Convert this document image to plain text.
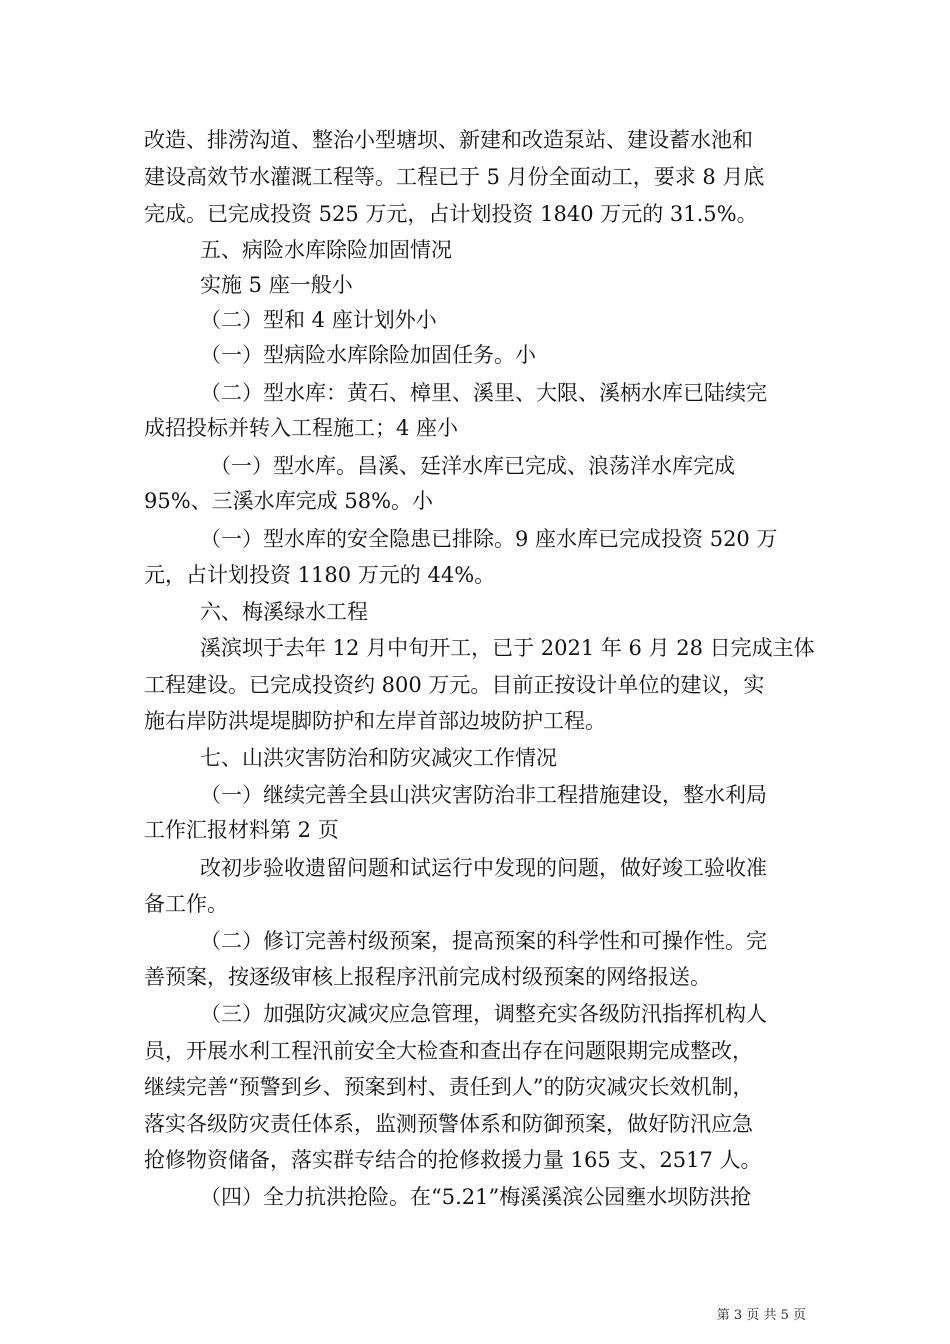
改造、排涝沟道、整治小型塘坝、新建和改造泵站、建设蓄水池和
建设高效节水灌溉工程等。工程已于 5 月份全面动工，要求 8 月底
完成。已完成投资 525 万元，占计划投资 1840 万元的 31.5%。
五、病险水库除险加固情况
实施 5 座一般小
（二）型和 4 座计划外小
（一）型病险水库除险加固任务。小
（二）型水库：黄石、樟里、溪里、大限、溪柄水库已陆续完
成招投标并转入工程施工；4 座小
（一）型水库。昌溪、廷洋水库已完成、浪荡洋水库完成
95%、三溪水库完成 58%。小
（一）型水库的安全隐患已排除。9 座水库已完成投资 520 万
元，占计划投资 1180 万元的 44%。
六、梅溪绿水工程
溪滨坝于去年 12 月中旬开工，已于 2021 年 6 月 28 日完成主体
工程建设。已完成投资约 800 万元。目前正按设计单位的建议，实
施右岸防洪堤堤脚防护和左岸首部边坡防护工程。
七、山洪灾害防治和防灾减灾工作情况
（一）继续完善全县山洪灾害防治非工程措施建设，整水利局
工作汇报材料第 2 页
改初步验收遗留问题和试运行中发现的问题，做好竣工验收准
备工作。
（二）修订完善村级预案，提高预案的科学性和可操作性。完
善预案，按逐级审核上报程序汛前完成村级预案的网络报送。
（三）加强防灾减灾应急管理，调整充实各级防汛指挥机构人
员，开展水利工程汛前安全大检查和查出存在问题限期完成整改，
继续完善“预警到乡、预案到村、责任到人”的防灾减灾长效机制，
落实各级防灾责任体系，监测预警体系和防御预案，做好防汛应急
抢修物资储备，落实群专结合的抢修救援力量 165 支、2517 人。
（四）全力抗洪抢险。在“5.21”梅溪溪滨公园壅水坝防洪抢
第 3 页 共 5 页
